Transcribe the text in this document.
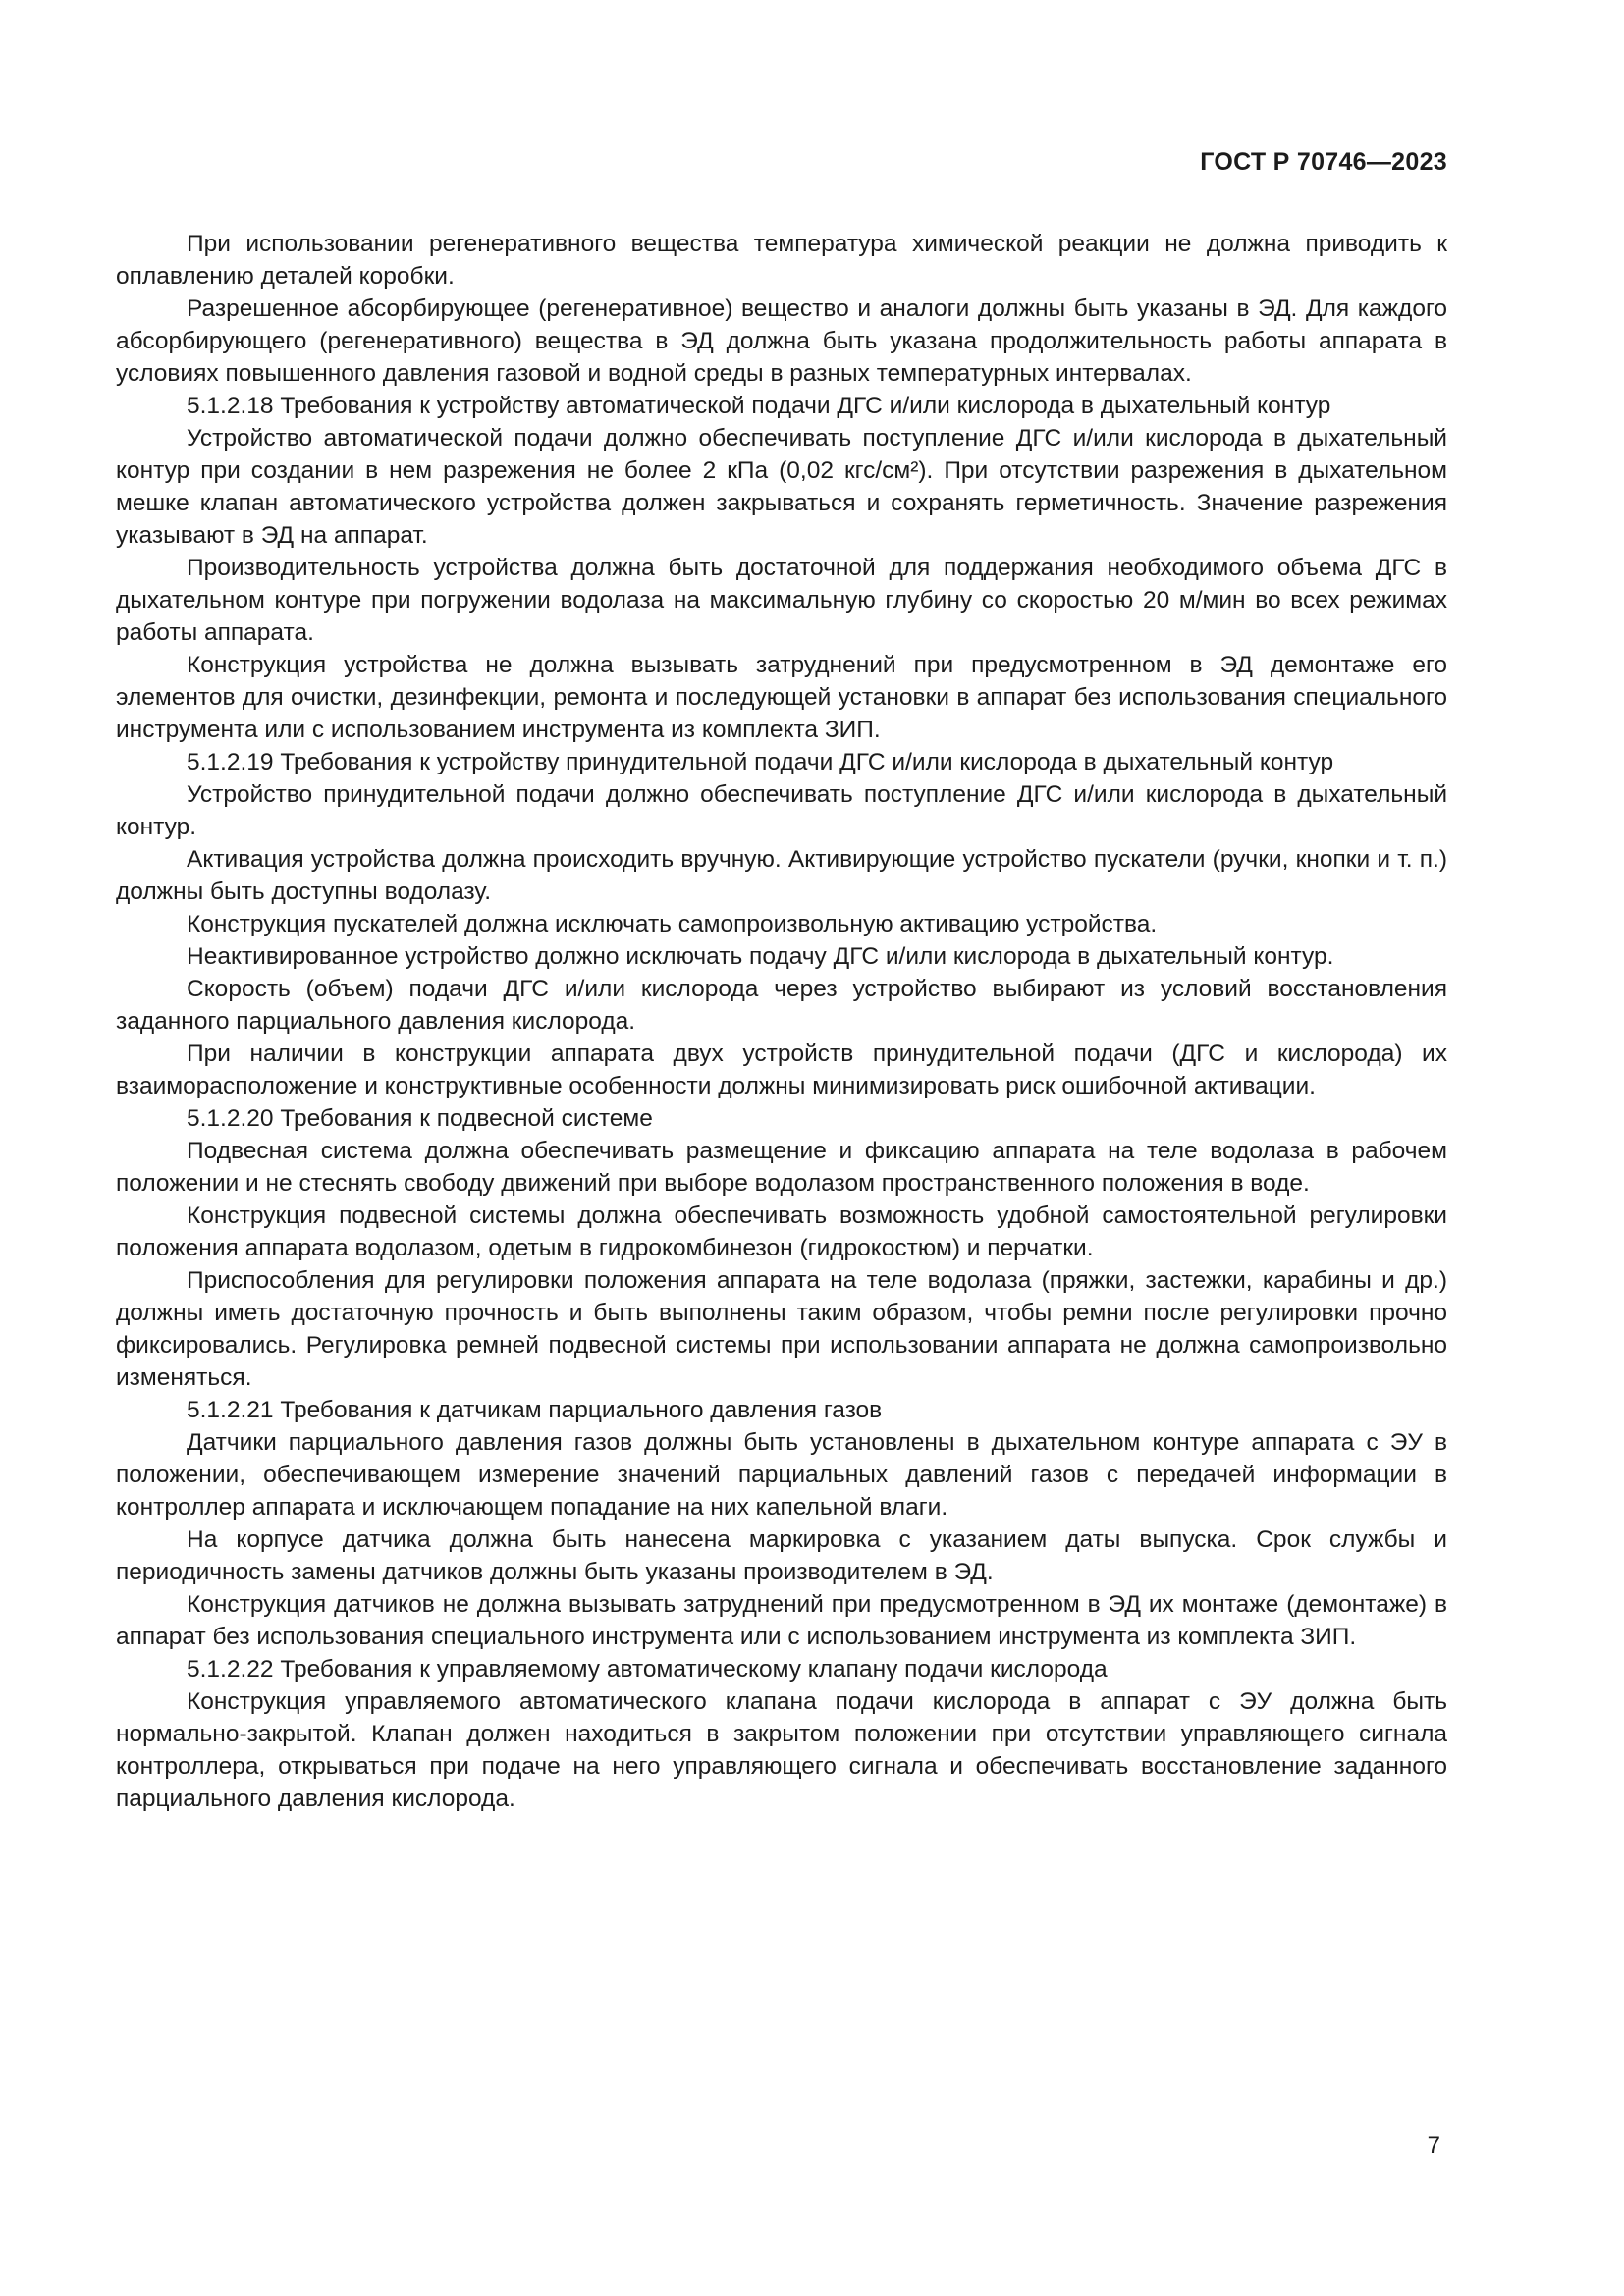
ГОСТ Р 70746—2023

При использовании регенеративного вещества температура химической реакции не должна приводить к оплавлению деталей коробки.

Разрешенное абсорбирующее (регенеративное) вещество и аналоги должны быть указаны в ЭД. Для каждого абсорбирующего (регенеративного) вещества в ЭД должна быть указана продолжительность работы аппарата в условиях повышенного давления газовой и водной среды в разных температурных интервалах.

5.1.2.18 Требования к устройству автоматической подачи ДГС и/или кислорода в дыхательный контур

Устройство автоматической подачи должно обеспечивать поступление ДГС и/или кислорода в дыхательный контур при создании в нем разрежения не более 2 кПа (0,02 кгс/см²). При отсутствии разрежения в дыхательном мешке клапан автоматического устройства должен закрываться и сохранять герметичность. Значение разрежения указывают в ЭД на аппарат.

Производительность устройства должна быть достаточной для поддержания необходимого объема ДГС в дыхательном контуре при погружении водолаза на максимальную глубину со скоростью 20 м/мин во всех режимах работы аппарата.

Конструкция устройства не должна вызывать затруднений при предусмотренном в ЭД демонтаже его элементов для очистки, дезинфекции, ремонта и последующей установки в аппарат без использования специального инструмента или с использованием инструмента из комплекта ЗИП.

5.1.2.19 Требования к устройству принудительной подачи ДГС и/или кислорода в дыхательный контур

Устройство принудительной подачи должно обеспечивать поступление ДГС и/или кислорода в дыхательный контур.

Активация устройства должна происходить вручную. Активирующие устройство пускатели (ручки, кнопки и т. п.) должны быть доступны водолазу.

Конструкция пускателей должна исключать самопроизвольную активацию устройства.

Неактивированное устройство должно исключать подачу ДГС и/или кислорода в дыхательный контур.

Скорость (объем) подачи ДГС и/или кислорода через устройство выбирают из условий восстановления заданного парциального давления кислорода.

При наличии в конструкции аппарата двух устройств принудительной подачи (ДГС и кислорода) их взаиморасположение и конструктивные особенности должны минимизировать риск ошибочной активации.

5.1.2.20 Требования к подвесной системе

Подвесная система должна обеспечивать размещение и фиксацию аппарата на теле водолаза в рабочем положении и не стеснять свободу движений при выборе водолазом пространственного положения в воде.

Конструкция подвесной системы должна обеспечивать возможность удобной самостоятельной регулировки положения аппарата водолазом, одетым в гидрокомбинезон (гидрокостюм) и перчатки.

Приспособления для регулировки положения аппарата на теле водолаза (пряжки, застежки, карабины и др.) должны иметь достаточную прочность и быть выполнены таким образом, чтобы ремни после регулировки прочно фиксировались. Регулировка ремней подвесной системы при использовании аппарата не должна самопроизвольно изменяться.

5.1.2.21 Требования к датчикам парциального давления газов

Датчики парциального давления газов должны быть установлены в дыхательном контуре аппарата с ЭУ в положении, обеспечивающем измерение значений парциальных давлений газов с передачей информации в контроллер аппарата и исключающем попадание на них капельной влаги.

На корпусе датчика должна быть нанесена маркировка с указанием даты выпуска. Срок службы и периодичность замены датчиков должны быть указаны производителем в ЭД.

Конструкция датчиков не должна вызывать затруднений при предусмотренном в ЭД их монтаже (демонтаже) в аппарат без использования специального инструмента или с использованием инструмента из комплекта ЗИП.

5.1.2.22 Требования к управляемому автоматическому клапану подачи кислорода

Конструкция управляемого автоматического клапана подачи кислорода в аппарат с ЭУ должна быть нормально-закрытой. Клапан должен находиться в закрытом положении при отсутствии управляющего сигнала контроллера, открываться при подаче на него управляющего сигнала и обеспечивать восстановление заданного парциального давления кислорода.

7
